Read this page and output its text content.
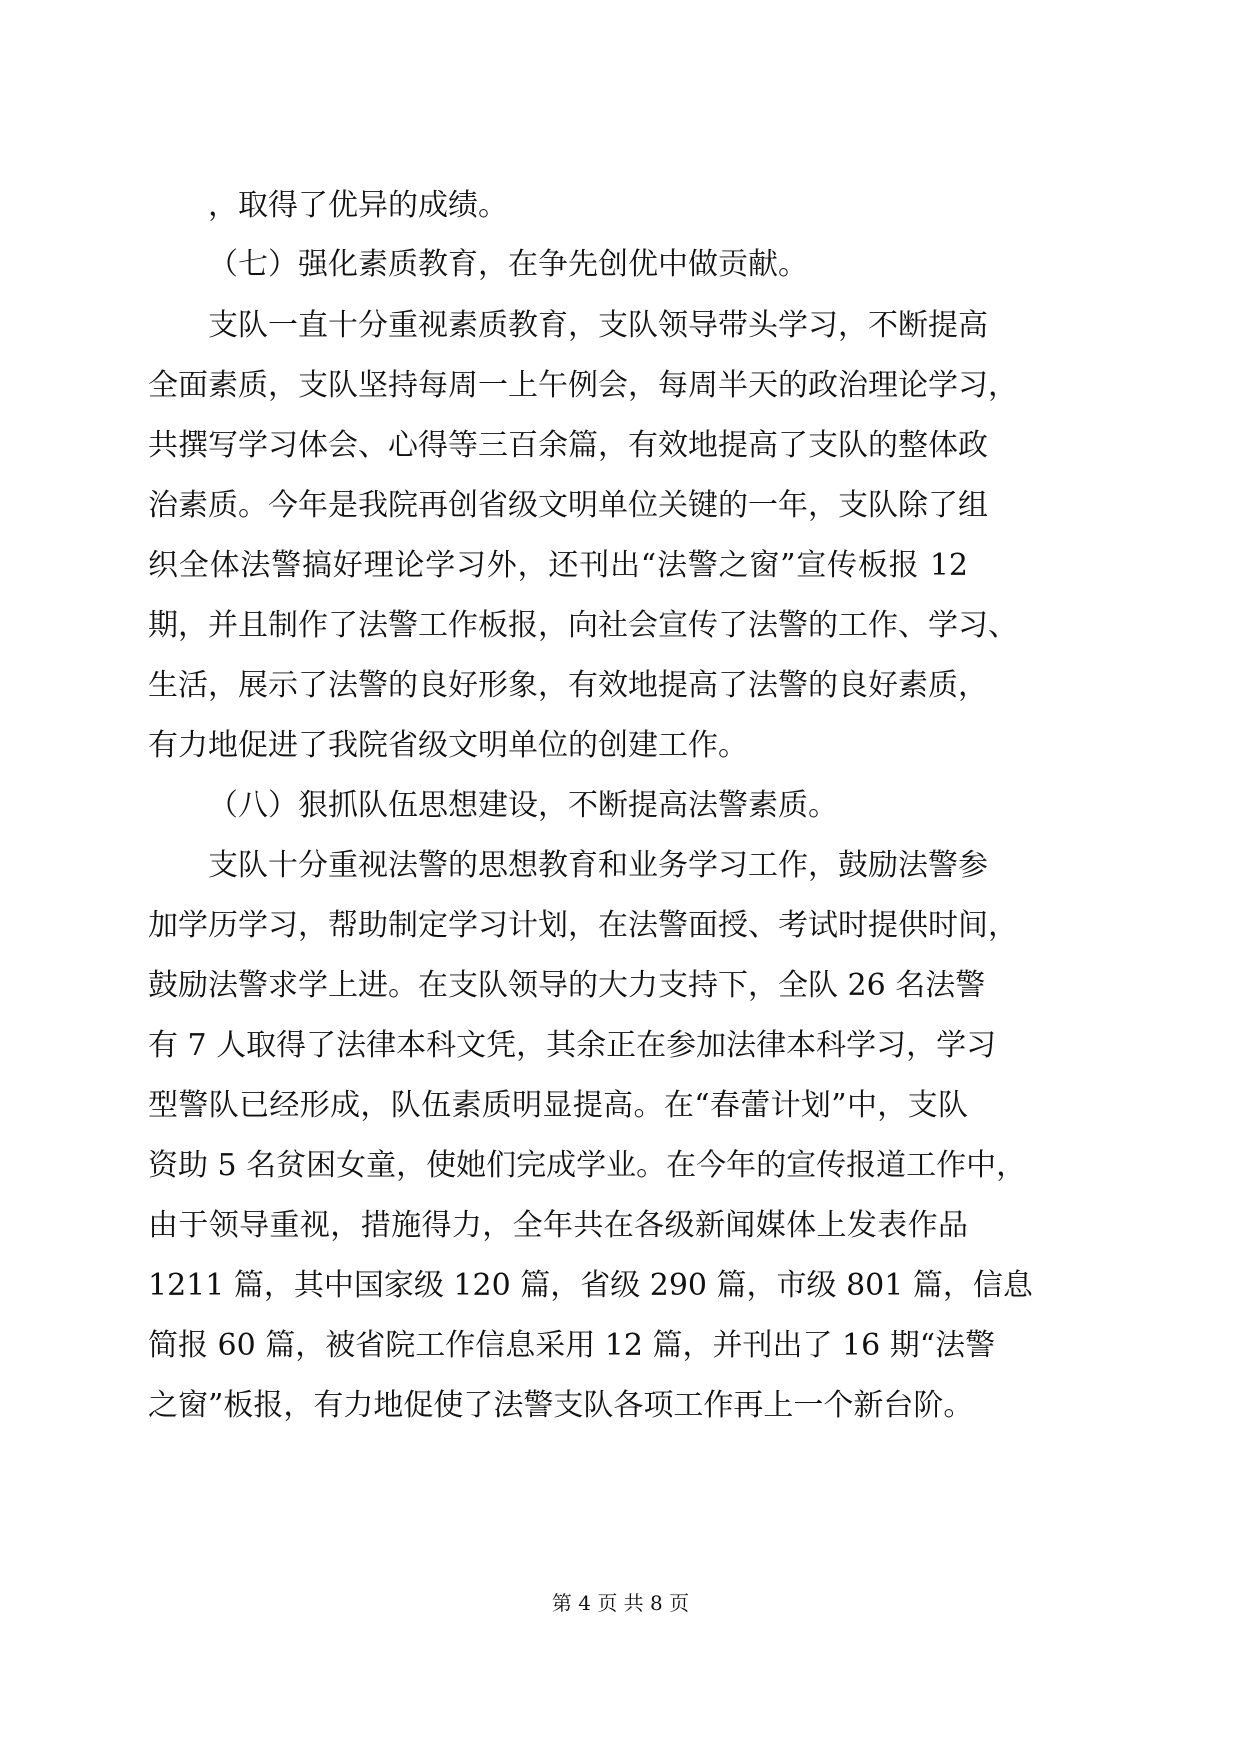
，取得了优异的成绩。
（七）强化素质教育，在争先创优中做贡献。
支队一直十分重视素质教育，支队领导带头学习，不断提高
全面素质，支队坚持每周一上午例会，每周半天的政治理论学习，
共撰写学习体会、心得等三百余篇，有效地提高了支队的整体政
治素质。今年是我院再创省级文明单位关键的一年，支队除了组
织全体法警搞好理论学习外，还刊出“法警之窗”宣传板报 12
期，并且制作了法警工作板报，向社会宣传了法警的工作、学习、
生活，展示了法警的良好形象，有效地提高了法警的良好素质，
有力地促进了我院省级文明单位的创建工作。
（八）狠抓队伍思想建设，不断提高法警素质。
支队十分重视法警的思想教育和业务学习工作，鼓励法警参
加学历学习，帮助制定学习计划，在法警面授、考试时提供时间，
鼓励法警求学上进。在支队领导的大力支持下，全队 26 名法警
有 7 人取得了法律本科文凭，其余正在参加法律本科学习，学习
型警队已经形成，队伍素质明显提高。在“春蕾计划”中，支队
资助 5 名贫困女童，使她们完成学业。在今年的宣传报道工作中，
由于领导重视，措施得力，全年共在各级新闻媒体上发表作品
1211 篇，其中国家级 120 篇，省级 290 篇，市级 801 篇，信息
简报 60 篇，被省院工作信息采用 12 篇，并刊出了 16 期“法警
之窗”板报，有力地促使了法警支队各项工作再上一个新台阶。
第 4 页 共 8 页
